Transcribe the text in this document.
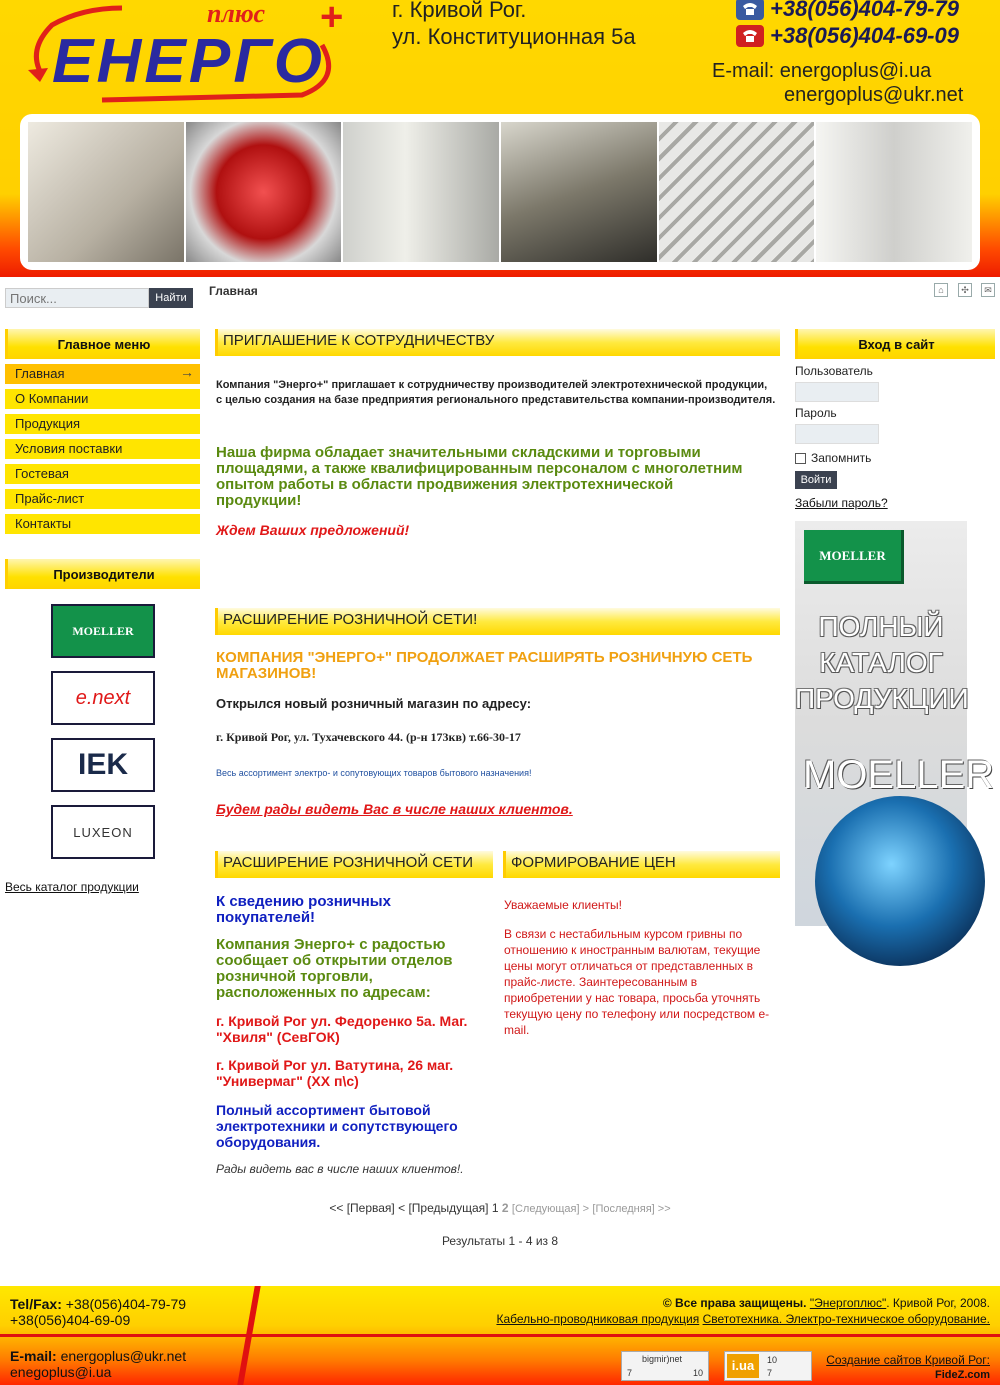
плюс +
ЕНЕРГО
г. Кривой Рог.
ул. Конституционная 5а
+38(056)404-79-79
+38(056)404-69-09
E-mail: energoplus@i.ua
energoplus@ukr.net
Поиск...
Найти	Главная	⌂	✣	✉
Главное меню
Главная	→
О Компании
Продукция
Условия поставки
Гостевая
Прайс-лист
Контакты
Производители
MOELLER
e.next
IEK
LUXEON
Весь каталог продукции
ПРИГЛАШЕНИЕ К СОТРУДНИЧЕСТВУ
Компания "Энерго+" приглашает к сотрудничеству производителей электротехнической продукции, с целью создания на базе предприятия регионального представительства компании-производителя.
Наша фирма обладает значительными складскими и торговыми площадями, а также квалифицированным персоналом с многолетним опытом работы в области продвижения электротехнической продукции!
Ждем Ваших предложений!
РАСШИРЕНИЕ РОЗНИЧНОЙ СЕТИ!
КОМПАНИЯ "ЭНЕРГО+" ПРОДОЛЖАЕТ РАСШИРЯТЬ РОЗНИЧНУЮ СЕТЬ МАГАЗИНОВ!
Открылся новый розничный магазин по адресу:
г. Кривой Рог, ул. Тухачевского 44. (р-н 173кв) т.66-30-17
Весь ассортимент электро- и сопутовующих товаров бытового назначения!
Будем рады видеть Вас в числе наших клиентов.
РАСШИРЕНИЕ РОЗНИЧНОЙ СЕТИ
К сведению розничных покупателей!
Компания Энерго+ с радостью сообщает об открытии отделов розничной торговли, расположенных по адресам:
г. Кривой Рог ул. Федоренко 5а. Маг. "Хвиля" (СевГОК)
г. Кривой Рог ул. Ватутина, 26 маг. "Универмаг" (XX п\с)
Полный ассортимент бытовой электротехники и сопутствующего оборудования.
Рады видеть вас в числе наших клиентов!.
ФОРМИРОВАНИЕ ЦЕН
Уважаемые клиенты!
В связи с нестабильным курсом гривны по отношению к иностранным валютам, текущие цены могут отличаться от представленных в прайс-листе. Заинтересованным в приобретении у нас товара, просьба уточнять текущую цену по телефону или посредством e-mail.
<< [Первая] < [Предыдущая] 1 2 [Следующая] > [Последняя] >>
Результаты 1 - 4 из 8
Вход в сайт
Пользователь
Пароль
Запомнить
Войти
Забыли пароль?
MOELLER
ПОЛНЫЙ
КАТАЛОГ
ПРОДУКЦИИ
MOELLER
Tel/Fax: +38(056)404-79-79
+38(056)404-69-09
E-mail: energoplus@ukr.net
enegoplus@i.ua
© Все права защищены. "Энергоплюс". Кривой Рог, 2008.
Кабельно-проводниковая продукция Светотехника. Электро-техническое оборудование.
bigmir)net
7	10	i.ua	10
7
Создание сайтов Кривой Рог:
FideZ.com
